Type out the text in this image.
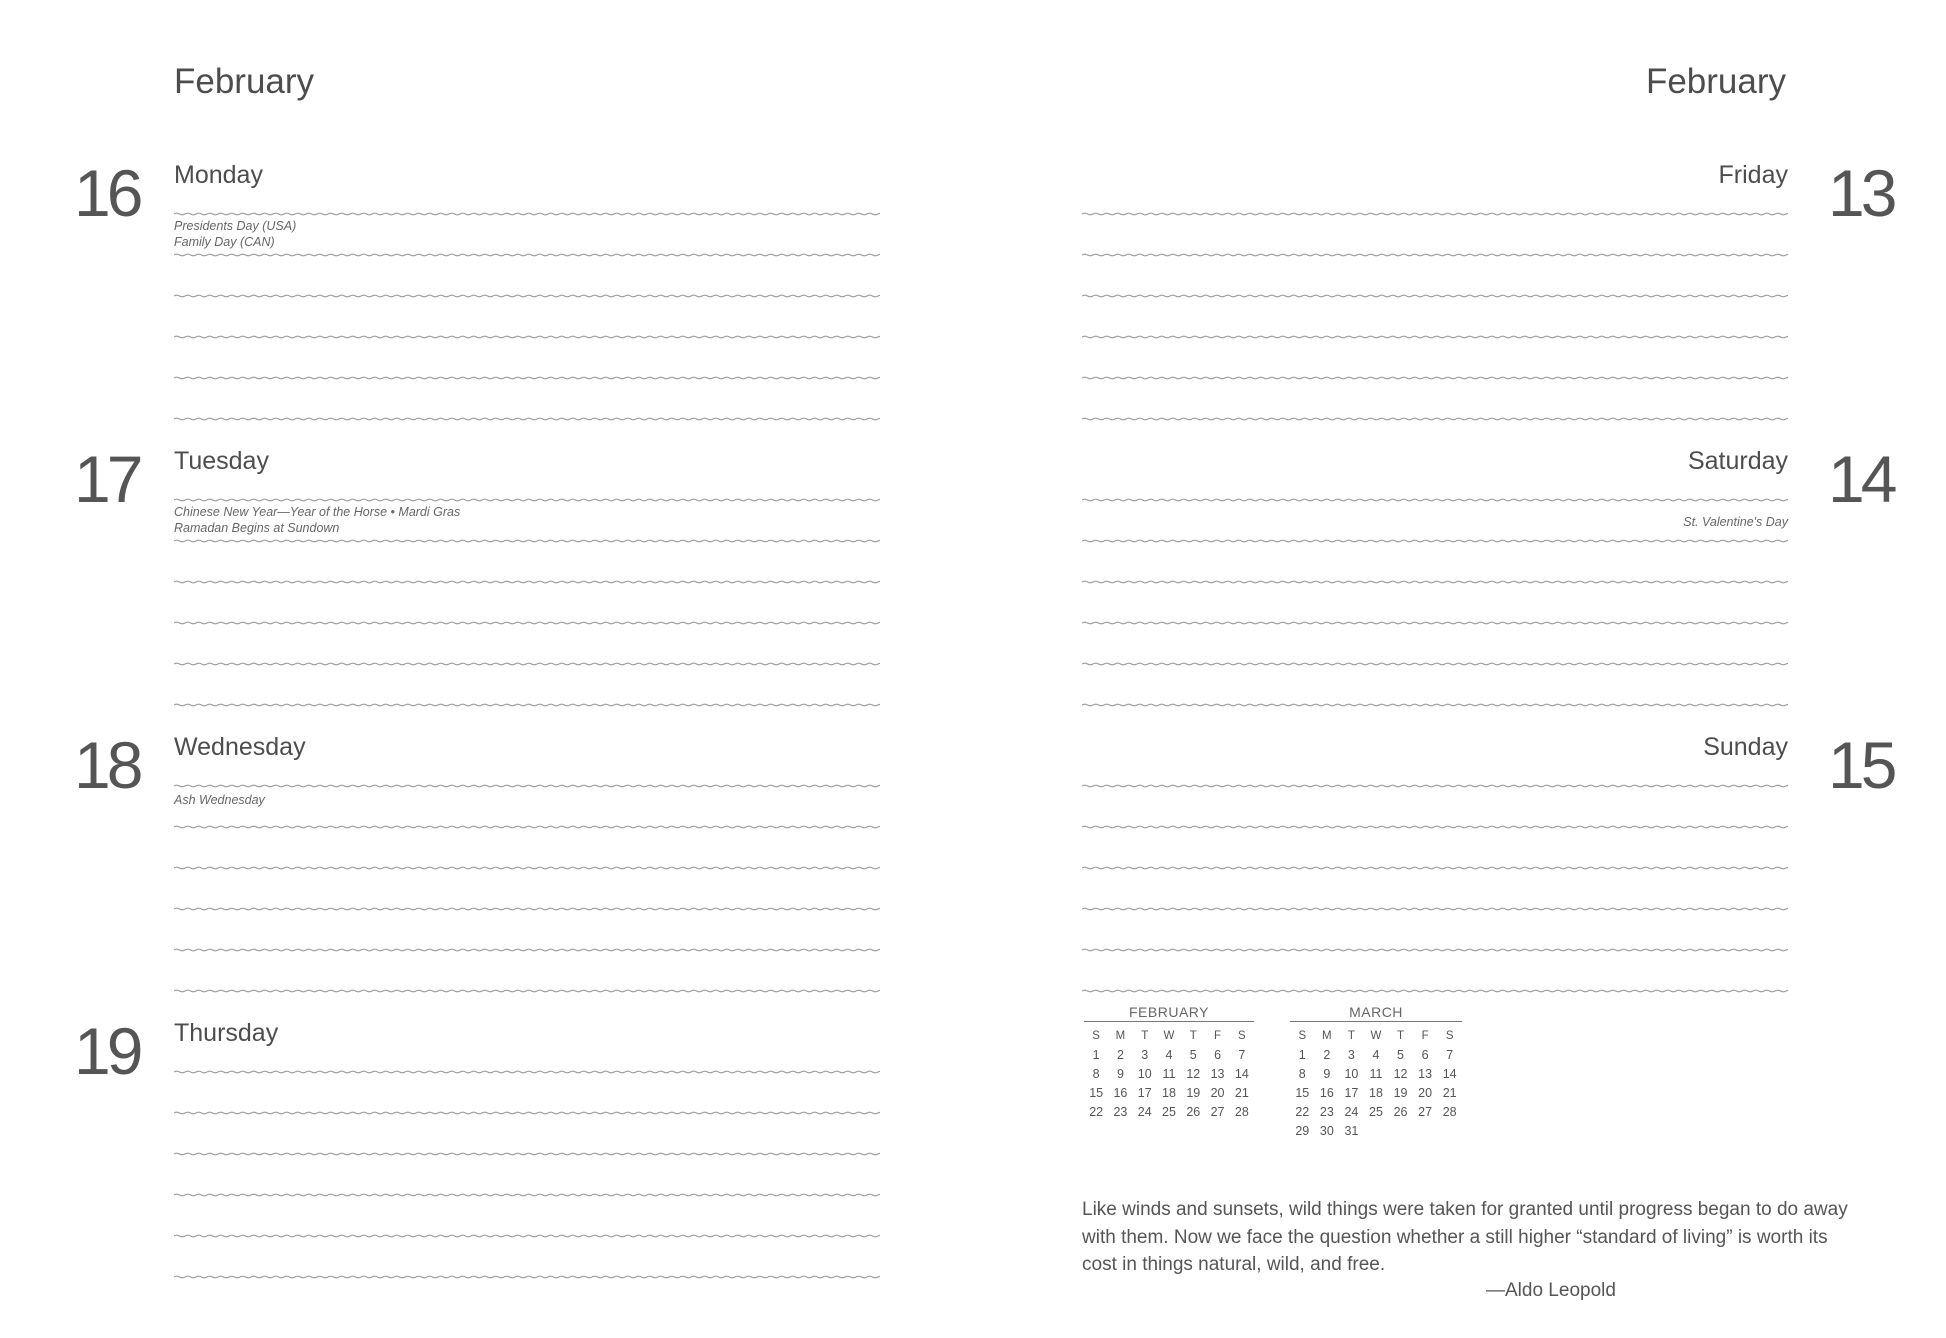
February	February
16
17
18
19
13
14
15
Monday
Presidents Day (USA)
Family Day (CAN)
Tuesday
Chinese New Year—Year of the Horse • Mardi Gras
Ramadan Begins at Sundown
Wednesday
Ash Wednesday
Thursday
Friday
Saturday
St. Valentine's Day
Sunday
FEBRUARY
S	M	T	W	T	F	S
1	2	3	4	5	6	7
8	9	10	11	12	13	14
15	16	17	18	19	20	21
22	23	24	25	26	27	28
MARCH
S	M	T	W	T	F	S
1	2	3	4	5	6	7
8	9	10	11	12	13	14
15	16	17	18	19	20	21
22	23	24	25	26	27	28
29	30	31				
Like winds and sunsets, wild things were taken for granted until progress began to do away with them. Now we face the question whether a still higher “standard of living” is worth its cost in things natural, wild, and free.
—Aldo Leopold
